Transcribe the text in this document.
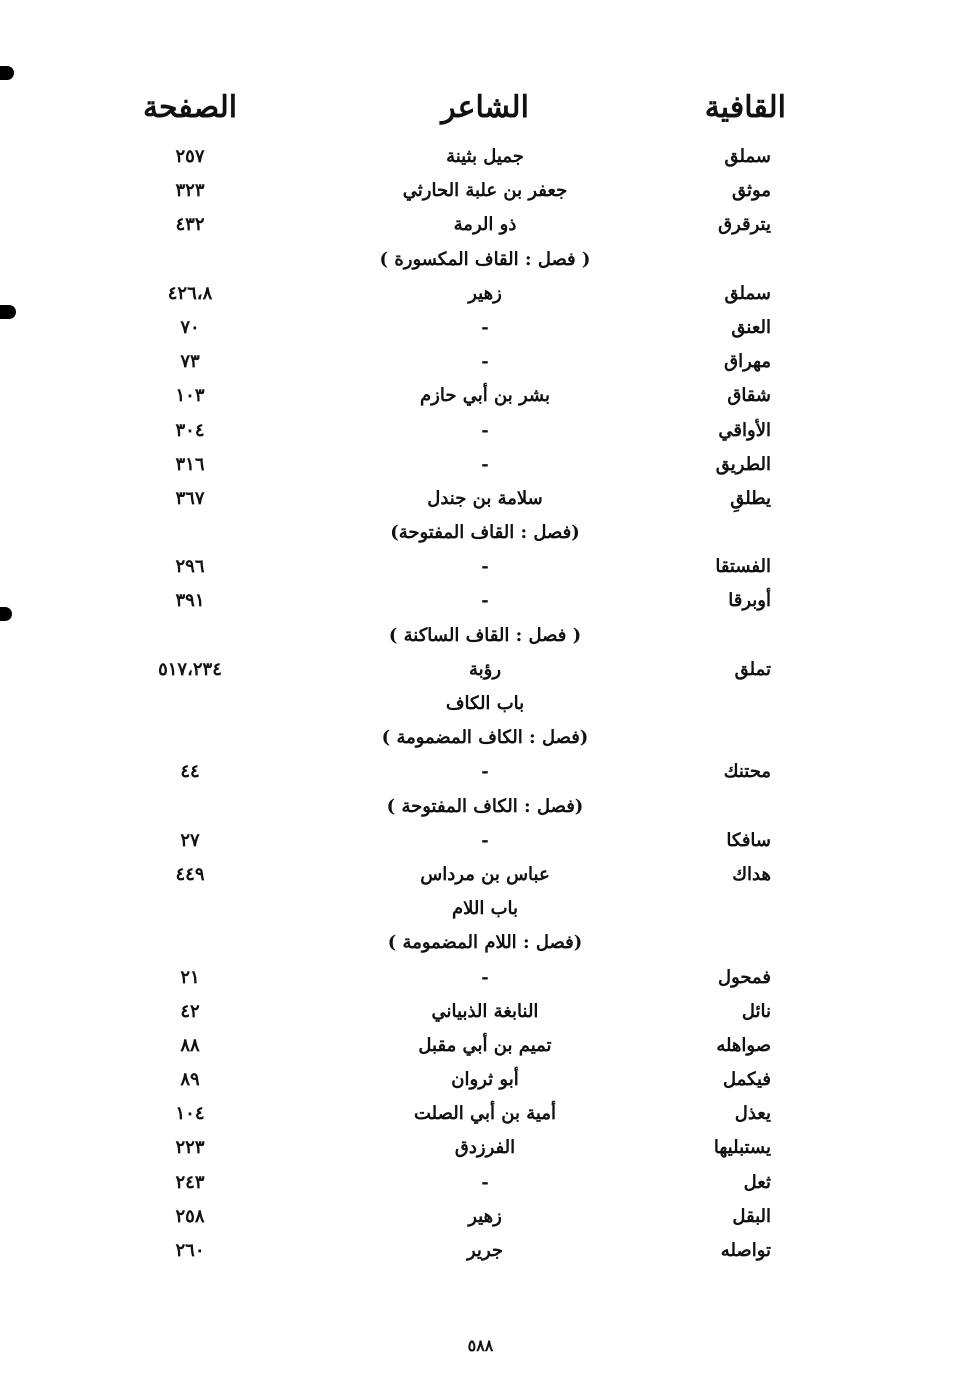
القافية
الشاعر
الصفحة
سملق
جميل بثينة
٢٥٧
موثق
جعفر بن علبة الحارثي
٣٢٣
يترقرق
ذو الرمة
٤٣٢
( فصل : القاف المكسورة )
سملق
زهير
٤٢٦،٨
العنق
-
٧٠
مهراق
-
٧٣
شقاق
بشر بن أبي حازم
١٠٣
الأواقي
-
٣٠٤
الطريق
-
٣١٦
يطلقِ
سلامة بن جندل
٣٦٧
(فصل : القاف المفتوحة)
الفستقا
-
٢٩٦
أوبرقا
-
٣٩١
( فصل : القاف الساكنة )
تملق
رؤبة
٥١٧،٢٣٤
باب الكاف
(فصل : الكاف المضمومة )
محتنك
-
٤٤
(فصل : الكاف المفتوحة )
سافكا
-
٢٧
هداك
عباس بن مرداس
٤٤٩
باب اللام
(فصل : اللام المضمومة )
فمحول
-
٢١
نائل
النابغة الذبياني
٤٢
صواهله
تميم بن أبي مقبل
٨٨
فيكمل
أبو ثروان
٨٩
يعذل
أمية بن أبي الصلت
١٠٤
يستبليها
الفرزدق
٢٢٣
ثعل
-
٢٤٣
البقل
زهير
٢٥٨
تواصله
جرير
٢٦٠
٥٨٨
